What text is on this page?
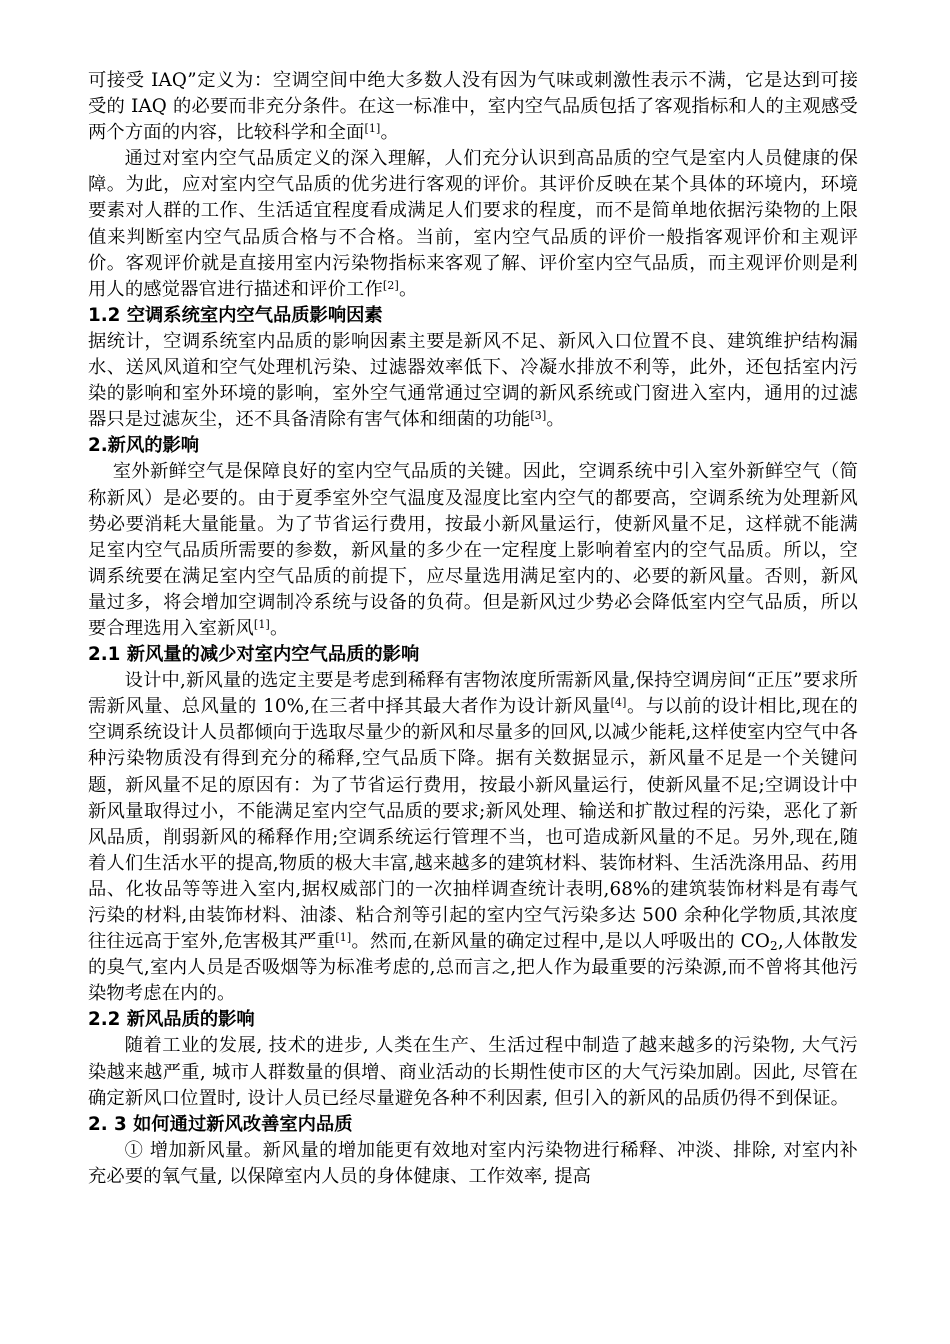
可接受 IAQ”定义为：空调空间中绝大多数人没有因为气味或刺激性表示不满，它是达到可接受的 IAQ 的必要而非充分条件。在这一标准中，室内空气品质包括了客观指标和人的主观感受两个方面的内容，比较科学和全面[1]。

通过对室内空气品质定义的深入理解，人们充分认识到高品质的空气是室内人员健康的保障。为此，应对室内空气品质的优劣进行客观的评价。其评价反映在某个具体的环境内，环境要素对人群的工作、生活适宜程度看成满足人们要求的程度，而不是简单地依据污染物的上限值来判断室内空气品质合格与不合格。当前，室内空气品质的评价一般指客观评价和主观评价。客观评价就是直接用室内污染物指标来客观了解、评价室内空气品质，而主观评价则是利用人的感觉器官进行描述和评价工作[2]。

1.2 空调系统室内空气品质影响因素

据统计，空调系统室内品质的影响因素主要是新风不足、新风入口位置不良、建筑维护结构漏水、送风风道和空气处理机污染、过滤器效率低下、冷凝水排放不利等，此外，还包括室内污染的影响和室外环境的影响，室外空气通常通过空调的新风系统或门窗进入室内，通用的过滤器只是过滤灰尘，还不具备清除有害气体和细菌的功能[3]。

2.新风的影响

室外新鲜空气是保障良好的室内空气品质的关键。因此，空调系统中引入室外新鲜空气（简称新风）是必要的。由于夏季室外空气温度及湿度比室内空气的都要高，空调系统为处理新风势必要消耗大量能量。为了节省运行费用，按最小新风量运行，使新风量不足，这样就不能满足室内空气品质所需要的参数，新风量的多少在一定程度上影响着室内的空气品质。所以，空调系统要在满足室内空气品质的前提下，应尽量选用满足室内的、必要的新风量。否则，新风量过多，将会增加空调制冷系统与设备的负荷。但是新风过少势必会降低室内空气品质，所以要合理选用入室新风[1]。

2.1 新风量的减少对室内空气品质的影响

设计中,新风量的选定主要是考虑到稀释有害物浓度所需新风量,保持空调房间“正压”要求所需新风量、总风量的 10%,在三者中择其最大者作为设计新风量[4]。与以前的设计相比,现在的空调系统设计人员都倾向于选取尽量少的新风和尽量多的回风,以减少能耗,这样使室内空气中各种污染物质没有得到充分的稀释,空气品质下降。据有关数据显示，新风量不足是一个关键问题，新风量不足的原因有：为了节省运行费用，按最小新风量运行，使新风量不足;空调设计中新风量取得过小，不能满足室内空气品质的要求;新风处理、输送和扩散过程的污染，恶化了新风品质，削弱新风的稀释作用;空调系统运行管理不当，也可造成新风量的不足。另外,现在,随着人们生活水平的提高,物质的极大丰富,越来越多的建筑材料、装饰材料、生活洗涤用品、药用品、化妆品等等进入室内,据权威部门的一次抽样调查统计表明,68%的建筑装饰材料是有毒气污染的材料,由装饰材料、油漆、粘合剂等引起的室内空气污染多达 500 余种化学物质,其浓度往往远高于室外,危害极其严重[1]。然而,在新风量的确定过程中,是以人呼吸出的 $CO_2$,人体散发的臭气,室内人员是否吸烟等为标准考虑的,总而言之,把人作为最重要的污染源,而不曾将其他污染物考虑在内的。

2.2 新风品质的影响

随着工业的发展, 技术的进步, 人类在生产、生活过程中制造了越来越多的污染物, 大气污染越来越严重, 城市人群数量的俱增、商业活动的长期性使市区的大气污染加剧。因此, 尽管在确定新风口位置时, 设计人员已经尽量避免各种不利因素, 但引入的新风的品质仍得不到保证。

2. 3 如何通过新风改善室内品质

① 增加新风量。新风量的增加能更有效地对室内污染物进行稀释、冲淡、排除, 对室内补充必要的氧气量, 以保障室内人员的身体健康、工作效率, 提高
